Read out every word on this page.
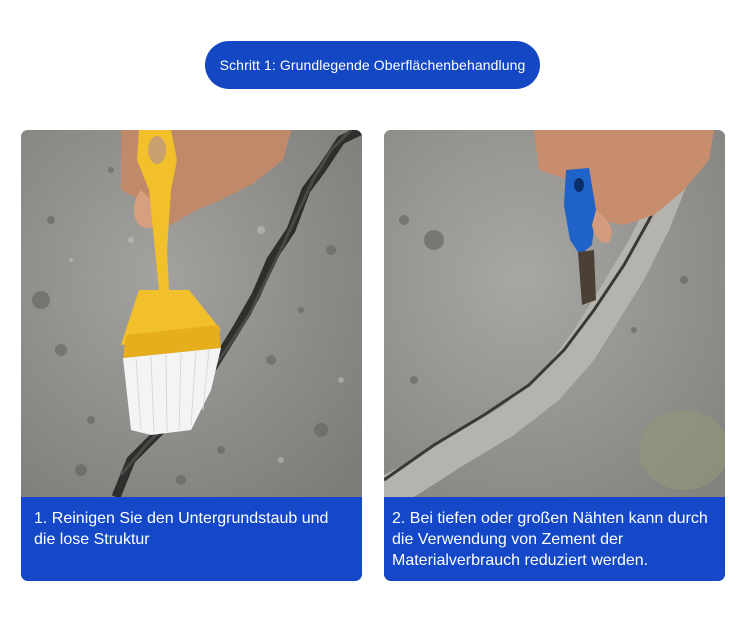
Schritt 1: Grundlegende Oberflächenbehandlung
1. Reinigen Sie den Untergrundstaub und die lose Struktur
2. Bei tiefen oder großen Nähten kann durch die Verwendung von Zement der Materialverbrauch reduziert werden.
